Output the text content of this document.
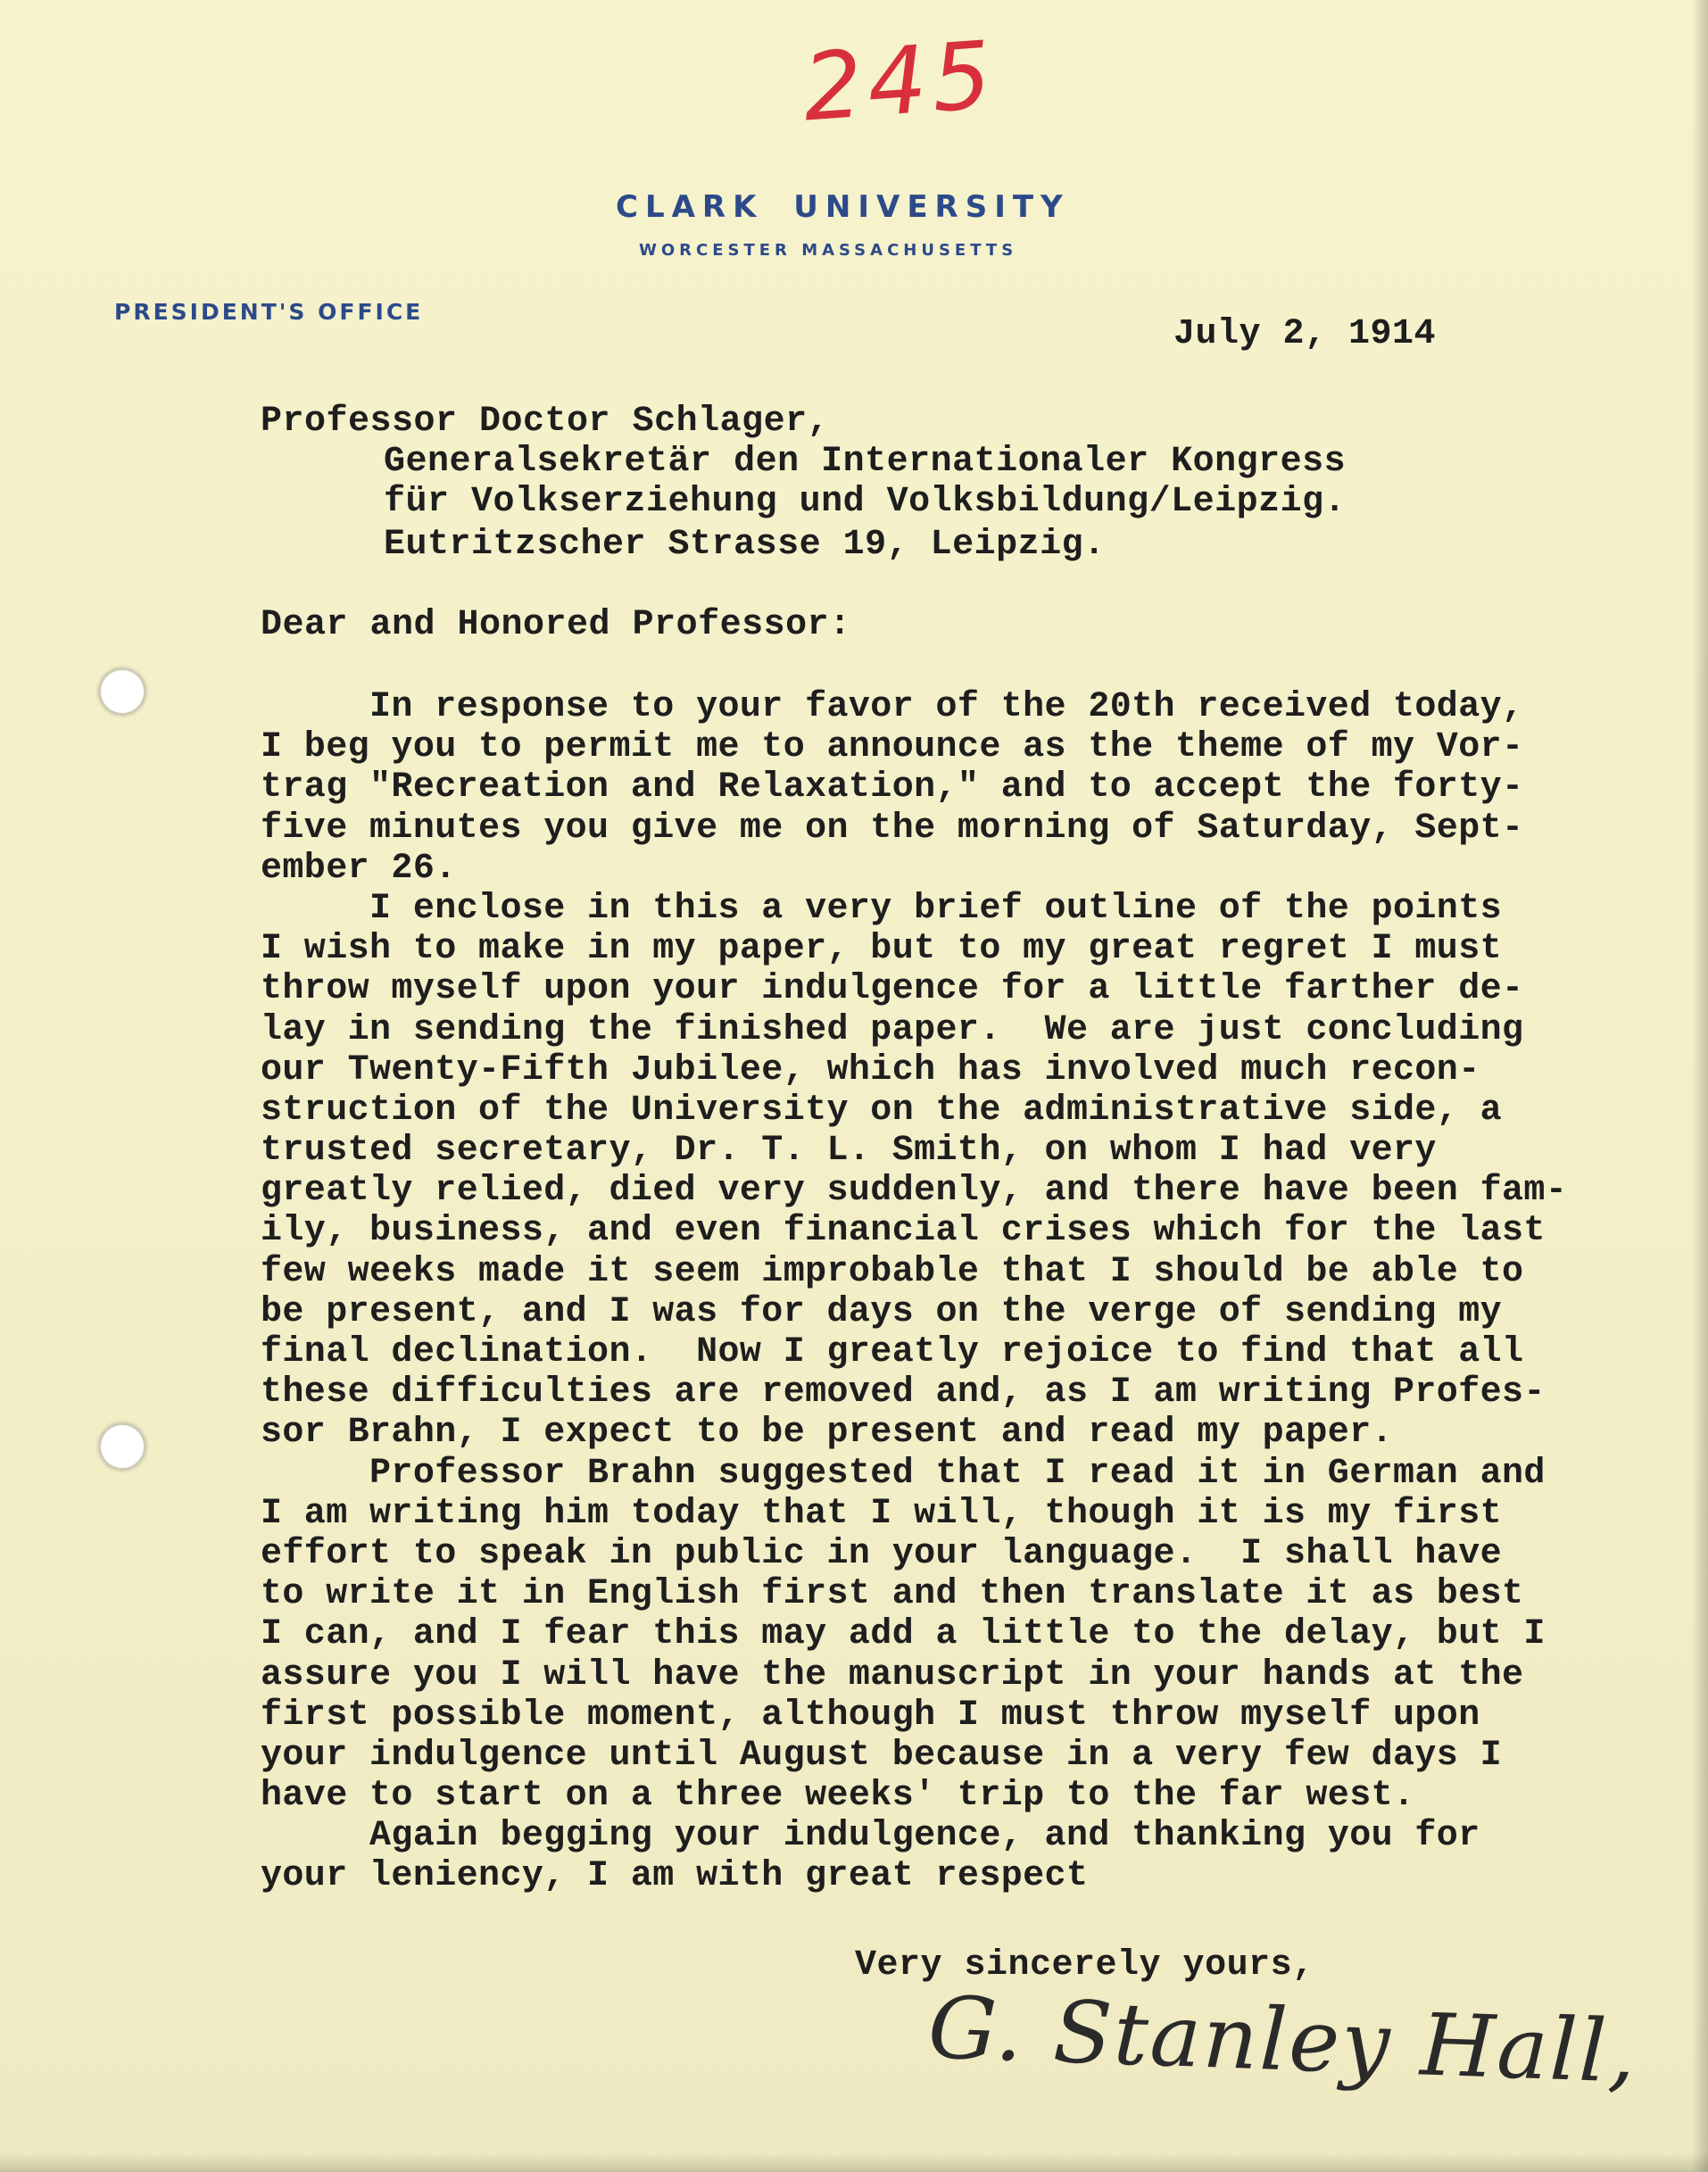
245
CLARK UNIVERSITY
WORCESTER MASSACHUSETTS
PRESIDENT'S OFFICE
July 2, 1914
Professor Doctor Schlager,
Generalsekretär den Internationaler Kongress
für Volkserziehung und Volksbildung/Leipzig.
Eutritzscher Strasse 19, Leipzig.
Dear and Honored Professor:
In response to your favor of the 20th received today,
I beg you to permit me to announce as the theme of my Vor-
trag "Recreation and Relaxation," and to accept the forty-
five minutes you give me on the morning of Saturday, Sept-
ember 26.
I enclose in this a very brief outline of the points
I wish to make in my paper, but to my great regret I must
throw myself upon your indulgence for a little farther de-
lay in sending the finished paper.  We are just concluding
our Twenty-Fifth Jubilee, which has involved much recon-
struction of the University on the administrative side, a
trusted secretary, Dr. T. L. Smith, on whom I had very
greatly relied, died very suddenly, and there have been fam-
ily, business, and even financial crises which for the last
few weeks made it seem improbable that I should be able to
be present, and I was for days on the verge of sending my
final declination.  Now I greatly rejoice to find that all
these difficulties are removed and, as I am writing Profes-
sor Brahn, I expect to be present and read my paper.
Professor Brahn suggested that I read it in German and
I am writing him today that I will, though it is my first
effort to speak in public in your language.  I shall have
to write it in English first and then translate it as best
I can, and I fear this may add a little to the delay, but I
assure you I will have the manuscript in your hands at the
first possible moment, although I must throw myself upon
your indulgence until August because in a very few days I
have to start on a three weeks' trip to the far west.
Again begging your indulgence, and thanking you for
your leniency, I am with great respect
Very sincerely yours,
G. Stanley Hall,
